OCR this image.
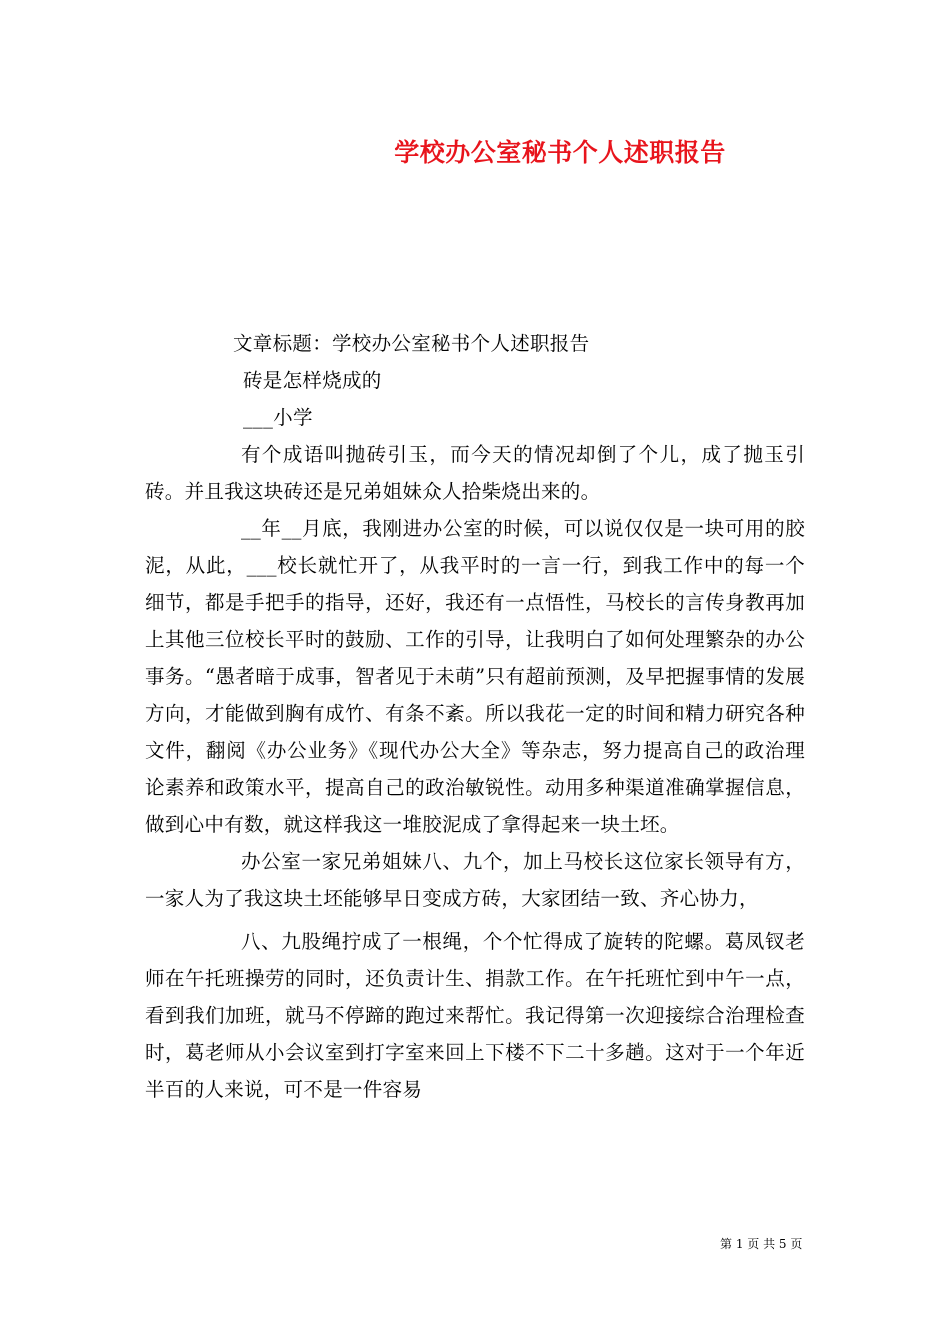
学校办公室秘书个人述职报告

文章标题：学校办公室秘书个人述职报告

砖是怎样烧成的

___小学

有个成语叫抛砖引玉，而今天的情况却倒了个儿，成了抛玉引砖。并且我这块砖还是兄弟姐妹众人拾柴烧出来的。

__年__月底，我刚进办公室的时候，可以说仅仅是一块可用的胶泥，从此，___校长就忙开了，从我平时的一言一行，到我工作中的每一个细节，都是手把手的指导，还好，我还有一点悟性，马校长的言传身教再加上其他三位校长平时的鼓励、工作的引导，让我明白了如何处理繁杂的办公事务。“愚者暗于成事，智者见于未萌”只有超前预测，及早把握事情的发展方向，才能做到胸有成竹、有条不紊。所以我花一定的时间和精力研究各种文件，翻阅《办公业务》《现代办公大全》等杂志，努力提高自己的政治理论素养和政策水平，提高自己的政治敏锐性。动用多种渠道准确掌握信息，做到心中有数，就这样我这一堆胶泥成了拿得起来一块土坯。

办公室一家兄弟姐妹八、九个，加上马校长这位家长领导有方，一家人为了我这块土坯能够早日变成方砖，大家团结一致、齐心协力，

八、九股绳拧成了一根绳，个个忙得成了旋转的陀螺。葛凤钗老师在午托班操劳的同时，还负责计生、捐款工作。在午托班忙到中午一点，看到我们加班，就马不停蹄的跑过来帮忙。我记得第一次迎接综合治理检查时，葛老师从小会议室到打字室来回上下楼不下二十多趟。这对于一个年近半百的人来说，可不是一件容易

第 1 页 共 5 页
